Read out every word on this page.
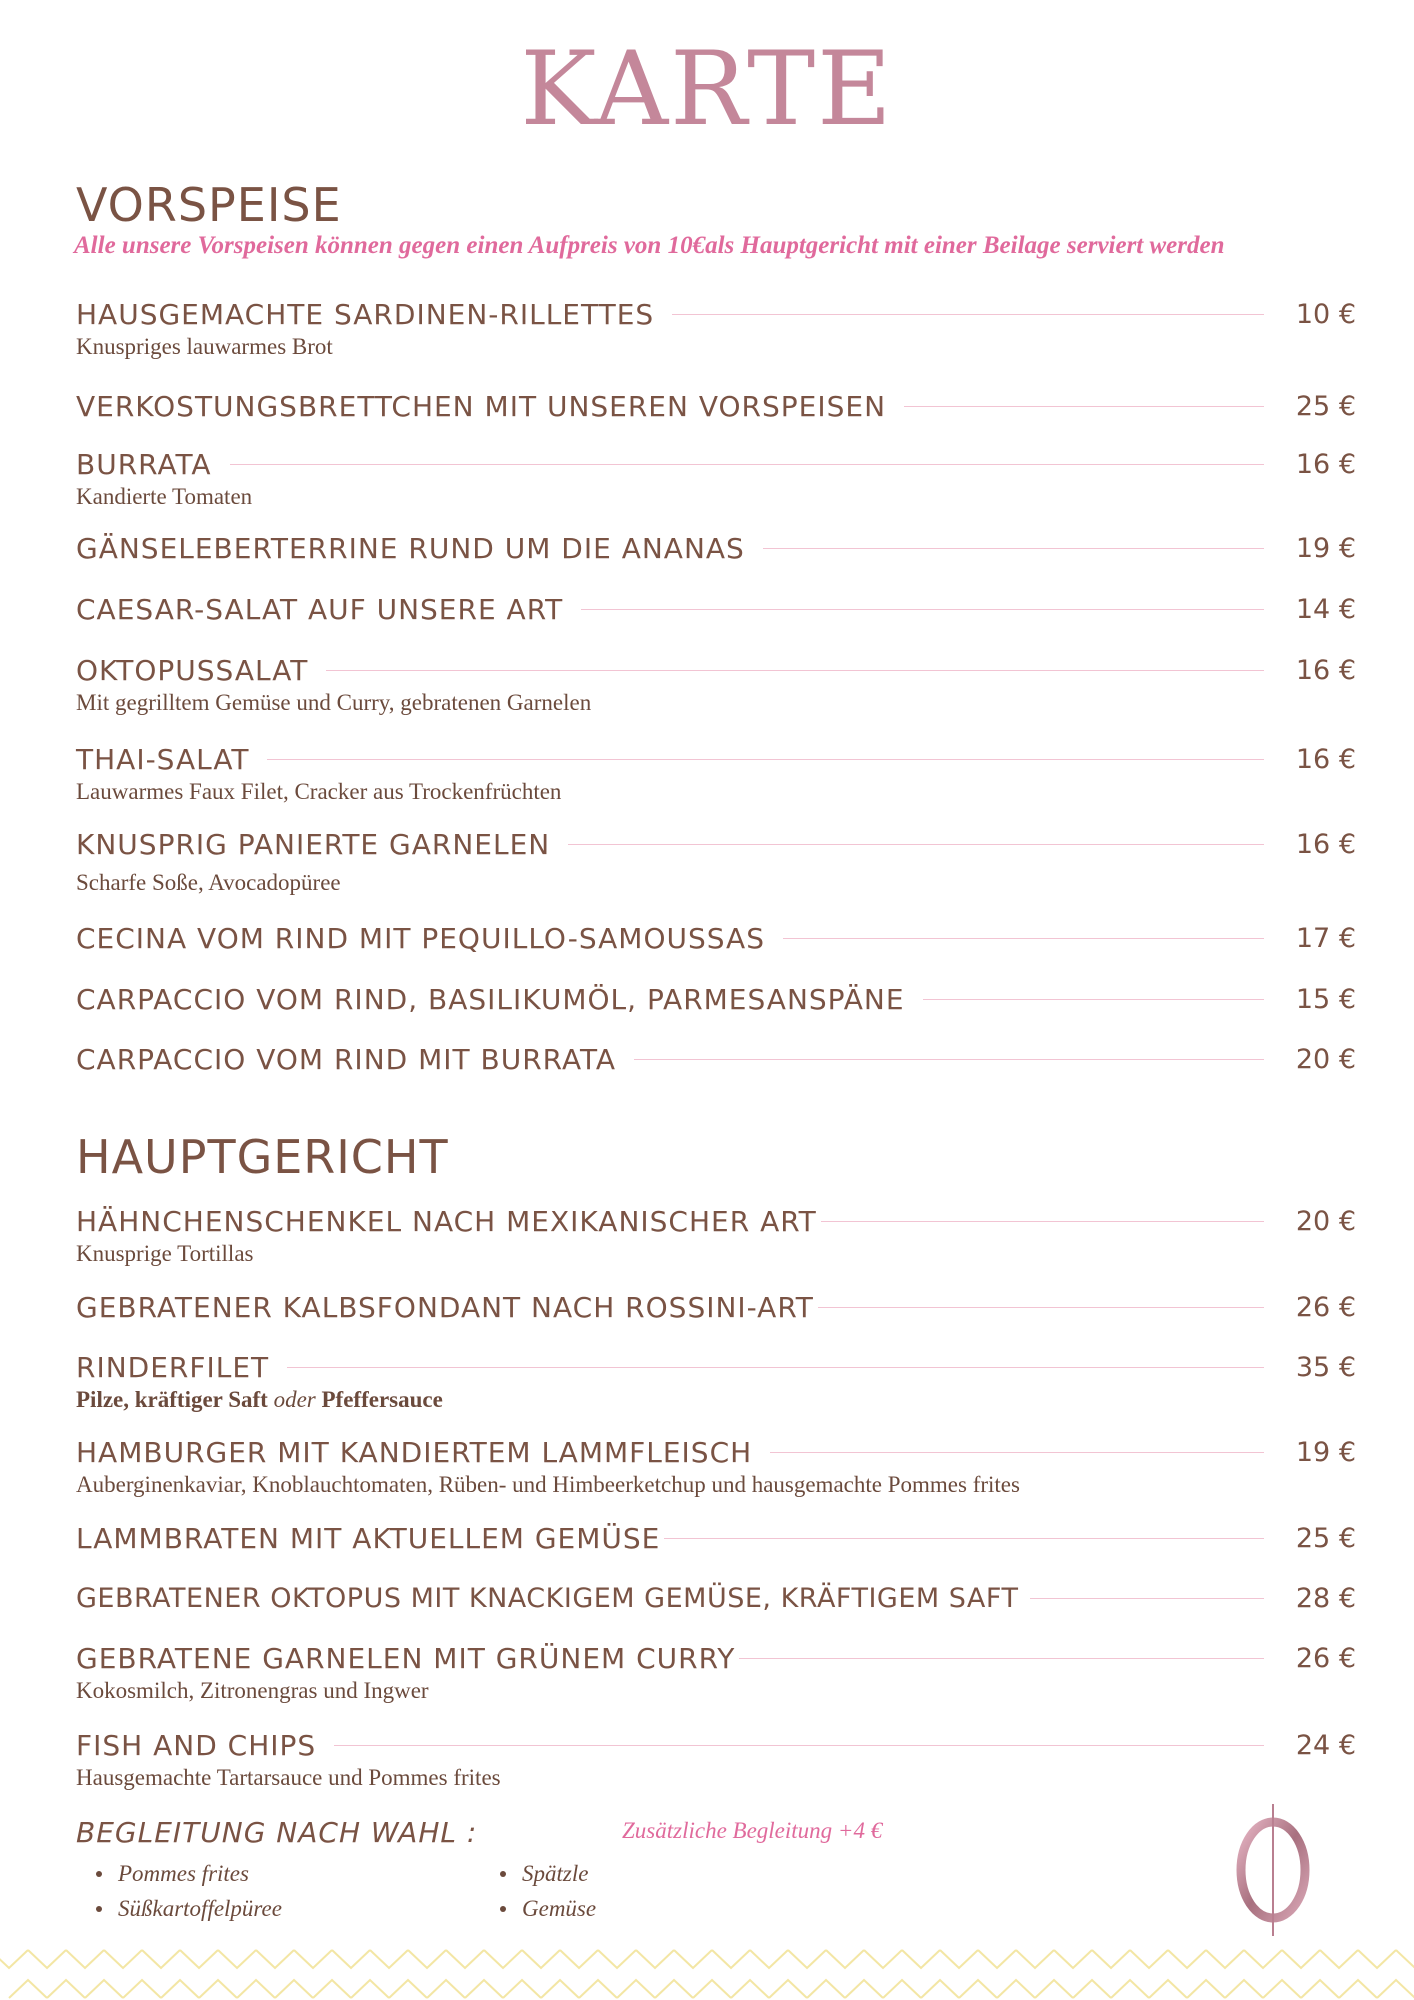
KARTE
VORSPEISE
Alle unsere Vorspeisen können gegen einen Aufpreis von 10€als Hauptgericht mit einer Beilage serviert werden
HAUSGEMACHTE SARDINEN-RILLETTES	10 €
Knuspriges lauwarmes Brot
VERKOSTUNGSBRETTCHEN MIT UNSEREN VORSPEISEN	25 €
BURRATA	16 €
Kandierte Tomaten
GÄNSELEBERTERRINE RUND UM DIE ANANAS	19 €
CAESAR-SALAT AUF UNSERE ART	14 €
OKTOPUSSALAT	16 €
Mit gegrilltem Gemüse und Curry, gebratenen Garnelen
THAI-SALAT	16 €
Lauwarmes Faux Filet, Cracker aus Trockenfrüchten
KNUSPRIG PANIERTE GARNELEN	16 €
Scharfe Soße, Avocadopüree
CECINA VOM RIND MIT PEQUILLO-SAMOUSSAS	17 €
CARPACCIO VOM RIND, BASILIKUMÖL, PARMESANSPÄNE	15 €
CARPACCIO VOM RIND MIT BURRATA	20 €
HAUPTGERICHT
HÄHNCHENSCHENKEL NACH MEXIKANISCHER ART	20 €
Knusprige Tortillas
GEBRATENER KALBSFONDANT NACH ROSSINI-ART	26 €
RINDERFILET	35 €
Pilze, kräftiger Saft oder Pfeffersauce
HAMBURGER MIT KANDIERTEM LAMMFLEISCH	19 €
Auberginenkaviar, Knoblauchtomaten, Rüben- und Himbeerketchup und hausgemachte Pommes frites
LAMMBRATEN MIT AKTUELLEM GEMÜSE	25 €
GEBRATENER OKTOPUS MIT KNACKIGEM GEMÜSE, KRÄFTIGEM SAFT	28 €
GEBRATENE GARNELEN MIT GRÜNEM CURRY	26 €
Kokosmilch, Zitronengras und Ingwer
FISH AND CHIPS	24 €
Hausgemachte Tartarsauce und Pommes frites
BEGLEITUNG NACH WAHL :	Zusätzliche Begleitung +4 €
Pommes frites
Süßkartoffelpüree
Spätzle
Gemüse
